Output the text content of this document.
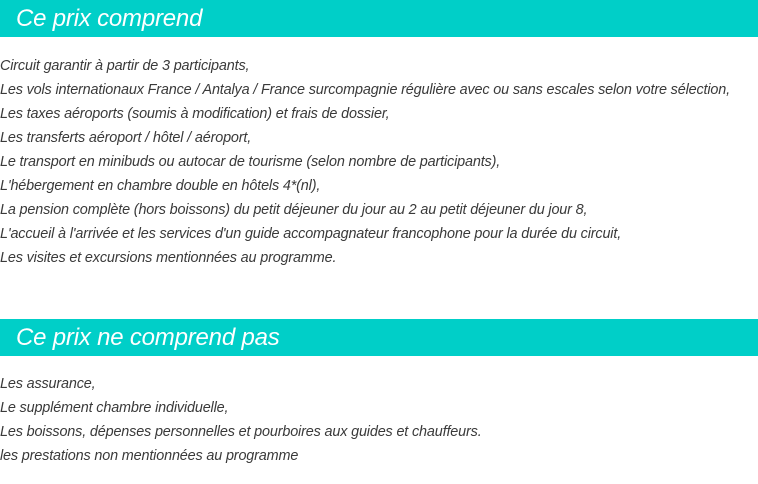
Ce prix comprend
Circuit garantir à partir de 3 participants,
Les vols internationaux France / Antalya / France surcompagnie régulière avec ou sans escales selon votre sélection,
Les taxes aéroports (soumis à modification) et frais de dossier,
Les transferts aéroport / hôtel / aéroport,
Le transport en minibuds ou autocar de tourisme (selon nombre de participants),
L'hébergement en chambre double en hôtels 4*(nl),
La pension complète (hors boissons) du petit déjeuner du jour au 2 au petit déjeuner du jour 8,
L'accueil à l'arrivée et les services d'un guide accompagnateur francophone pour la durée du circuit,
Les visites et excursions mentionnées au programme.
Ce prix ne comprend pas
Les assurance,
Le supplément chambre individuelle,
Les boissons, dépenses personnelles et pourboires aux guides et chauffeurs.
les prestations non mentionnées au programme
